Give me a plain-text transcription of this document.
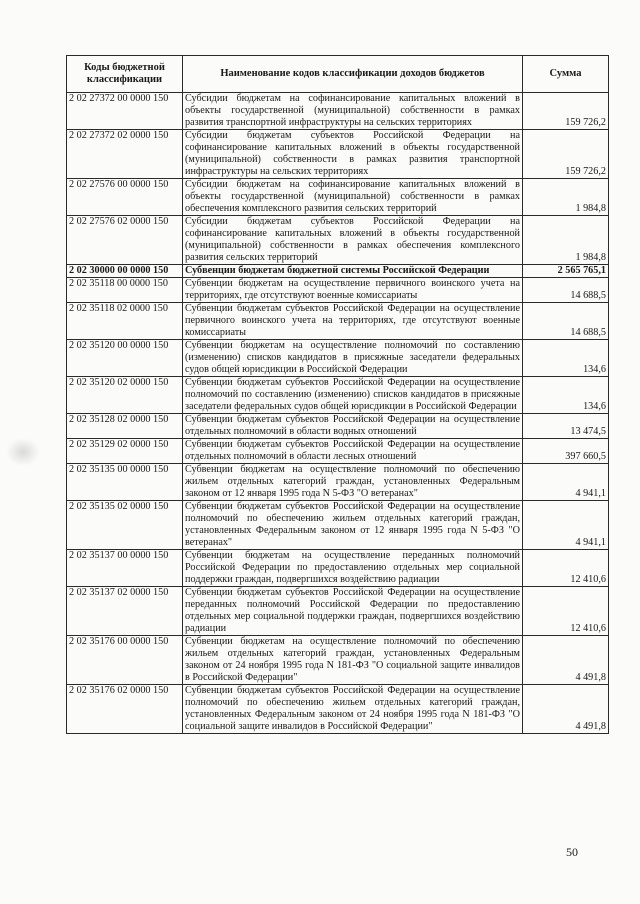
Коды бюджетной классификации	Наименование кодов классификации доходов бюджетов	Сумма
2 02 27372 00 0000 150	Субсидии бюджетам на софинансирование капитальных вложений в объекты государственной (муниципальной) собственности в рамках развития транспортной инфраструктуры на сельских территориях	159 726,2
2 02 27372 02 0000 150	Субсидии бюджетам субъектов Российской Федерации на софинансирование капитальных вложений в объекты государственной (муниципальной) собственности в рамках развития транспортной инфраструктуры на сельских территориях	159 726,2
2 02 27576 00 0000 150	Субсидии бюджетам на софинансирование капитальных вложений в объекты государственной (муниципальной) собственности в рамках обеспечения комплексного развития сельских территорий	1 984,8
2 02 27576 02 0000 150	Субсидии бюджетам субъектов Российской Федерации на софинансирование капитальных вложений в объекты государственной (муниципальной) собственности в рамках обеспечения комплексного развития сельских территорий	1 984,8
2 02 30000 00 0000 150	Субвенции бюджетам бюджетной системы Российской Федерации	2 565 765,1
2 02 35118 00 0000 150	Субвенции бюджетам на осуществление первичного воинского учета на территориях, где отсутствуют военные комиссариаты	14 688,5
2 02 35118 02 0000 150	Субвенции бюджетам субъектов Российской Федерации на осуществление первичного воинского учета на территориях, где отсутствуют военные комиссариаты	14 688,5
2 02 35120 00 0000 150	Субвенции бюджетам на осуществление полномочий по составлению (изменению) списков кандидатов в присяжные заседатели федеральных судов общей юрисдикции в Российской Федерации	134,6
2 02 35120 02 0000 150	Субвенции бюджетам субъектов Российской Федерации на осуществление полномочий по составлению (изменению) списков кандидатов в присяжные заседатели федеральных судов общей юрисдикции в Российской Федерации	134,6
2 02 35128 02 0000 150	Субвенции бюджетам субъектов Российской Федерации на осуществление отдельных полномочий в области водных отношений	13 474,5
2 02 35129 02 0000 150	Субвенции бюджетам субъектов Российской Федерации на осуществление отдельных полномочий в области лесных отношений	397 660,5
2 02 35135 00 0000 150	Субвенции бюджетам на осуществление полномочий по обеспечению жильем отдельных категорий граждан, установленных Федеральным законом от 12 января 1995 года N 5-ФЗ "О ветеранах"	4 941,1
2 02 35135 02 0000 150	Субвенции бюджетам субъектов Российской Федерации на осуществление полномочий по обеспечению жильем отдельных категорий граждан, установленных Федеральным законом от 12 января 1995 года N 5-ФЗ "О ветеранах"	4 941,1
2 02 35137 00 0000 150	Субвенции бюджетам на осуществление переданных полномочий Российской Федерации по предоставлению отдельных мер социальной поддержки граждан, подвергшихся воздействию радиации	12 410,6
2 02 35137 02 0000 150	Субвенции бюджетам субъектов Российской Федерации на осуществление переданных полномочий Российской Федерации по предоставлению отдельных мер социальной поддержки граждан, подвергшихся воздействию радиации	12 410,6
2 02 35176 00 0000 150	Субвенции бюджетам на осуществление полномочий по обеспечению жильем отдельных категорий граждан, установленных Федеральным законом от 24 ноября 1995 года N 181-ФЗ "О социальной защите инвалидов в Российской Федерации"	4 491,8
2 02 35176 02 0000 150	Субвенции бюджетам субъектов Российской Федерации на осуществление полномочий по обеспечению жильем отдельных категорий граждан, установленных Федеральным законом от 24 ноября 1995 года N 181-ФЗ "О социальной защите инвалидов в Российской Федерации"	4 491,8
50
